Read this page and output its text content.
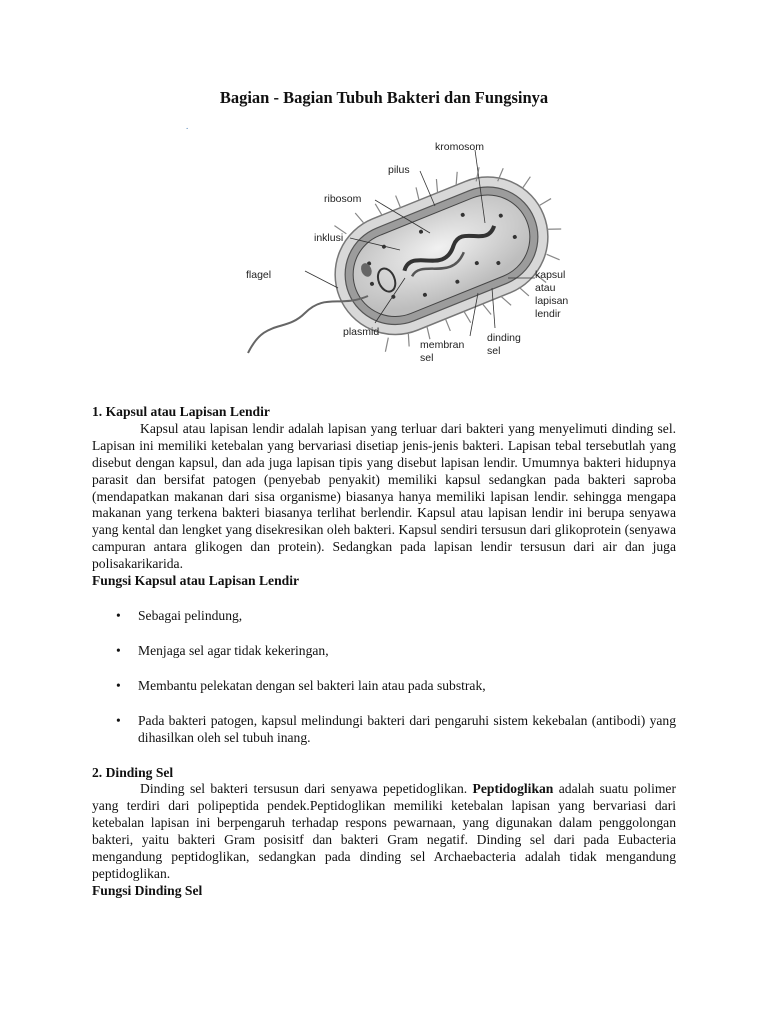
Bagian - Bagian Tubuh Bakteri dan Fungsinya
.
kromosom
pilus
ribosom
inklusi
flagel
plasmid
membran
sel
dinding
sel
kapsul
atau
lapisan
lendir

1. Kapsul atau Lapisan Lendir

Kapsul atau lapisan lendir adalah lapisan yang terluar dari bakteri yang menyelimuti dinding sel. Lapisan ini memiliki ketebalan yang bervariasi disetiap jenis-jenis bakteri. Lapisan tebal tersebutlah yang disebut dengan kapsul, dan ada juga lapisan tipis yang disebut lapisan lendir. Umumnya bakteri hidupnya parasit dan bersifat patogen (penyebab penyakit) memiliki kapsul sedangkan pada bakteri saproba (mendapatkan makanan dari sisa organisme) biasanya hanya memiliki lapisan lendir. sehingga mengapa makanan yang terkena bakteri biasanya terlihat berlendir. Kapsul atau lapisan lendir ini berupa senyawa yang kental dan lengket yang disekresikan oleh bakteri. Kapsul sendiri tersusun dari glikoprotein (senyawa campuran antara glikogen dan protein). Sedangkan pada lapisan lendir tersusun dari air dan juga polisakarikarida.

Fungsi Kapsul atau Lapisan Lendir

• Sebagai pelindung,
• Menjaga sel agar tidak kekeringan,
• Membantu pelekatan dengan sel bakteri lain atau pada substrak,
• Pada bakteri patogen, kapsul melindungi bakteri dari pengaruhi sistem kekebalan (antibodi) yang dihasilkan oleh sel tubuh inang.

2. Dinding Sel

Dinding sel bakteri tersusun dari senyawa pepetidoglikan. Peptidoglikan adalah suatu polimer yang terdiri dari polipeptida pendek.Peptidoglikan memiliki ketebalan lapisan yang bervariasi dari ketebalan lapisan ini berpengaruh terhadap respons pewarnaan, yang digunakan dalam penggolongan bakteri, yaitu bakteri Gram posisitf dan bakteri Gram negatif. Dinding sel dari pada Eubacteria mengandung peptidoglikan, sedangkan pada dinding sel Archaebacteria adalah tidak mengandung peptidoglikan.

Fungsi Dinding Sel
